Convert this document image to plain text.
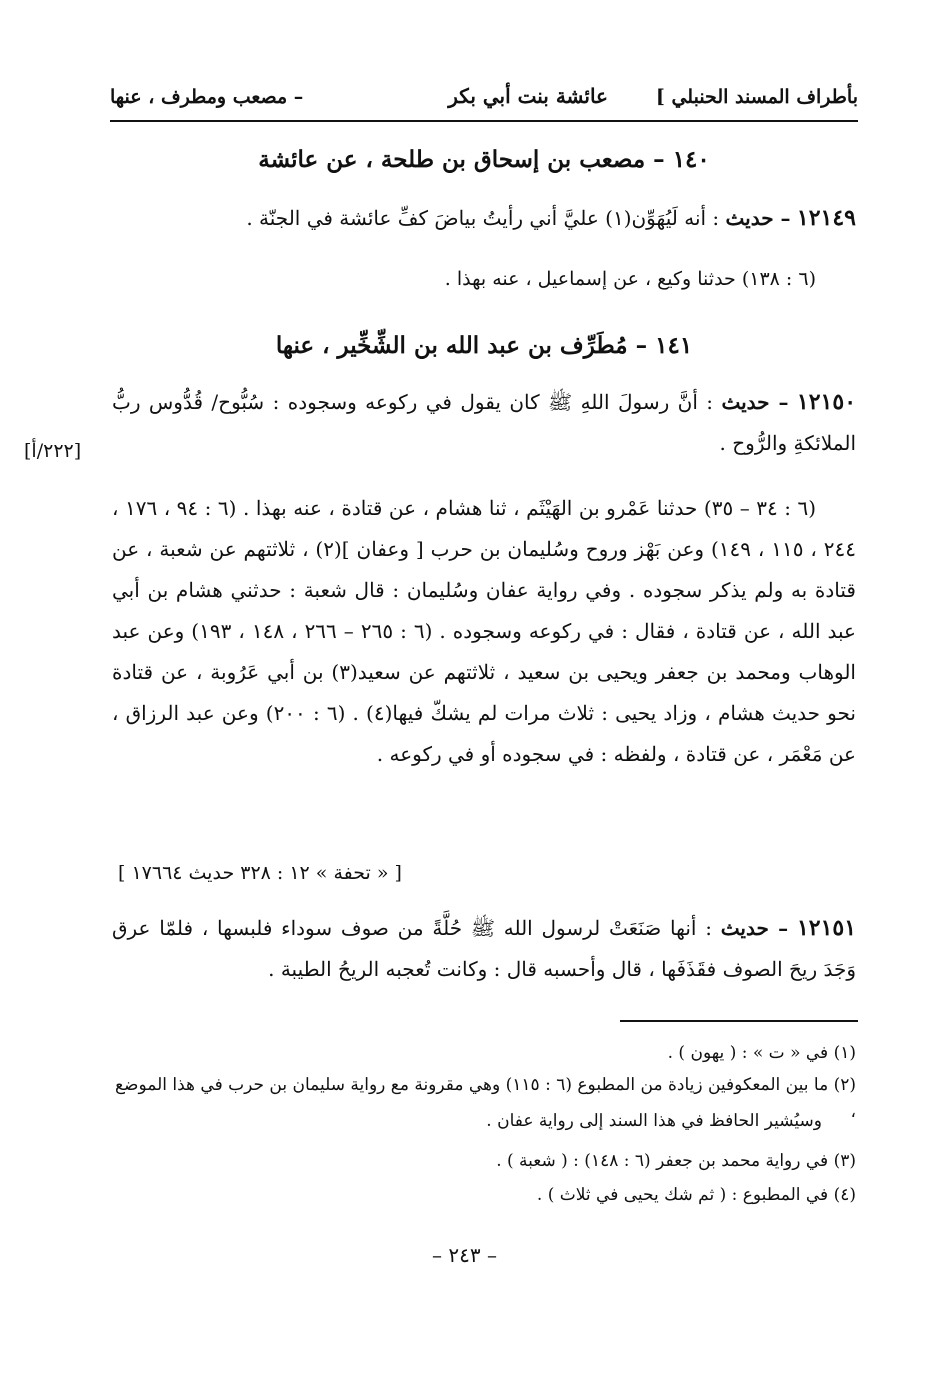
بأطراف المسند الحنبلي ]
عائشة بنت أبي بكر
– مصعب ومطرف ، عنها
١٤٠ – مصعب بن إسحاق بن طلحة ، عن عائشة
١٢١٤٩ – حديث : أنه لَيُهَوِّن(١) عليَّ أني رأيتُ بياضَ كفِّ عائشة في الجنّة .
(٦ : ١٣٨) حدثنا وكيع ، عن إسماعيل ، عنه بهذا .
١٤١ – مُطَرِّف بن عبد الله بن الشِّخِّير ، عنها
١٢١٥٠ – حديث : أنَّ رسولَ اللهِ ﷺ كان يقول في ركوعه وسجوده : سُبُّوح/ قُدُّوس ربُّ الملائكةِ والرُّوح .
[٢٢٢/أ]
(٦ : ٣٤ – ٣٥) حدثنا عَمْرو بن الهَيْثَم ، ثنا هشام ، عن قتادة ، عنه بهذا . (٦ : ٩٤ ، ١٧٦ ، ٢٤٤ ، ١١٥ ، ١٤٩) وعن بَهْز وروح وسُليمان بن حرب [ وعفان ](٢) ، ثلاثتهم عن شعبة ، عن قتادة به ولم يذكر سجوده . وفي رواية عفان وسُليمان : قال شعبة : حدثني هشام بن أبي عبد الله ، عن قتادة ، فقال : في ركوعه وسجوده . (٦ : ٢٦٥ – ٢٦٦ ، ١٤٨ ، ١٩٣) وعن عبد الوهاب ومحمد بن جعفر ويحيى بن سعيد ، ثلاثتهم عن سعيد(٣) بن أبي عَرُوبة ، عن قتادة نحو حديث هشام ، وزاد يحيى : ثلاث مرات لم يشكّ فيها(٤) . (٦ : ٢٠٠) وعن عبد الرزاق ، عن مَعْمَر ، عن قتادة ، ولفظه : في سجوده أو في ركوعه .
[ « تحفة » ١٢ : ٣٢٨ حديث ١٧٦٦٤ ]
١٢١٥١ – حديث : أنها صَنَعَتْ لرسول الله ﷺ حُلَّةً من صوف سوداء فلبسها ، فلمّا عرق وَجَدَ ريحَ الصوف فقَذَفَها ، قال وأحسبه قال : وكانت تُعجبه الريحُ الطيبة .
(١) في « ت » : ( يهون ) .
(٢) ما بين المعكوفين زيادة من المطبوع (٦ : ١١٥) وهي مقرونة مع رواية سليمان بن حرب في هذا الموضع ،
وسيُشير الحافظ في هذا السند إلى رواية عفان .
(٣) في رواية محمد بن جعفر (٦ : ١٤٨) : ( شعبة ) .
(٤) في المطبوع : ( ثم شك يحيى في ثلاث ) .
– ٢٤٣ –
